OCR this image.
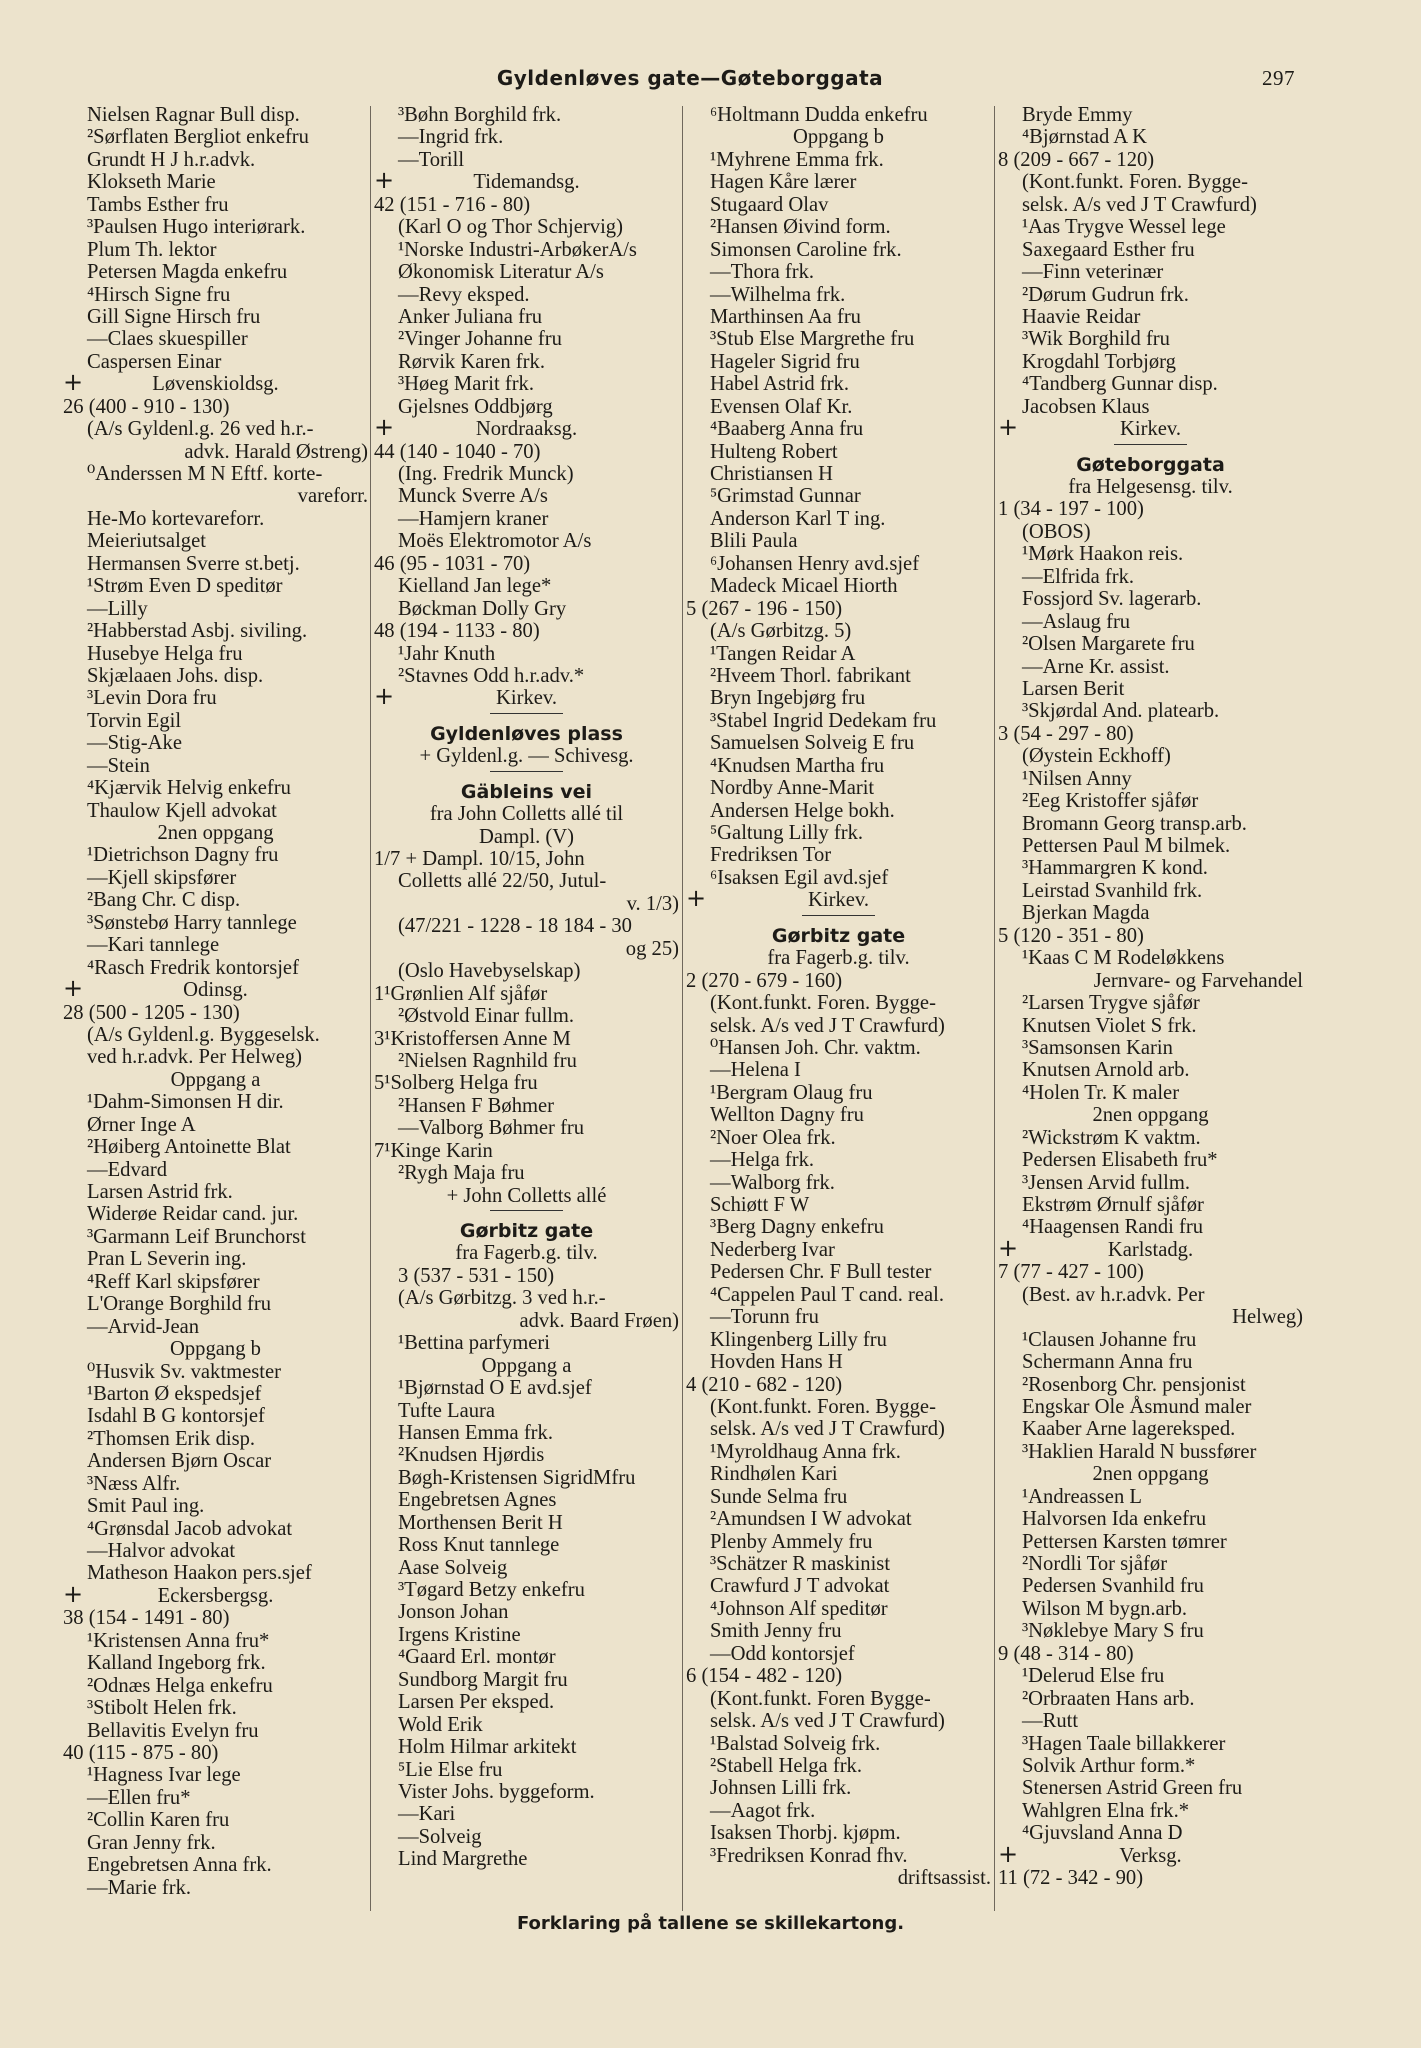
Gyldenløves gate—Gøteborggata	297
Nielsen Ragnar Bull disp.
²Sørflaten Bergliot enkefru
Grundt H J h.r.advk.
Klokseth Marie
Tambs Esther fru
³Paulsen Hugo interiørark.
Plum Th. lektor
Petersen Magda enkefru
⁴Hirsch Signe fru
Gill Signe Hirsch fru
—Claes skuespiller
Caspersen Einar
Løvenskioldsg.
+
26 (400 - 910 - 130)
(A/s Gyldenl.g. 26 ved h.r.-
advk. Harald Østreng)
⁰Anderssen M N Eftf. korte-
vareforr.
He-Mo kortevareforr.
Meieriutsalget
Hermansen Sverre st.betj.
¹Strøm Even D speditør
—Lilly
²Habberstad Asbj. siviling.
Husebye Helga fru
Skjælaaen Johs. disp.
³Levin Dora fru
Torvin Egil
—Stig-Ake
—Stein
⁴Kjærvik Helvig enkefru
Thaulow Kjell advokat
2nen oppgang
¹Dietrichson Dagny fru
—Kjell skipsfører
²Bang Chr. C disp.
³Sønstebø Harry tannlege
—Kari tannlege
⁴Rasch Fredrik kontorsjef
Odinsg.
+
28 (500 - 1205 - 130)
(A/s Gyldenl.g. Byggeselsk.
ved h.r.advk. Per Helweg)
Oppgang a
¹Dahm-Simonsen H dir.
Ørner Inge A
²Høiberg Antoinette Blat
—Edvard
Larsen Astrid frk.
Widerøe Reidar cand. jur.
³Garmann Leif Brunchorst
Pran L Severin ing.
⁴Reff Karl skipsfører
L'Orange Borghild fru
—Arvid-Jean
Oppgang b
⁰Husvik Sv. vaktmester
¹Barton Ø ekspedsjef
Isdahl B G kontorsjef
²Thomsen Erik disp.
Andersen Bjørn Oscar
³Næss Alfr.
Smit Paul ing.
⁴Grønsdal Jacob advokat
—Halvor advokat
Matheson Haakon pers.sjef
Eckersbergsg.
+
38 (154 - 1491 - 80)
¹Kristensen Anna fru*
Kalland Ingeborg frk.
²Odnæs Helga enkefru
³Stibolt Helen frk.
Bellavitis Evelyn fru
40 (115 - 875 - 80)
¹Hagness Ivar lege
—Ellen fru*
²Collin Karen fru
Gran Jenny frk.
Engebretsen Anna frk.
—Marie frk.
³Bøhn Borghild frk.
—Ingrid frk.
—Torill
Tidemandsg.
+
42 (151 - 716 - 80)
(Karl O og Thor Schjervig)
¹Norske Industri-ArbøkerA/s
Økonomisk Literatur A/s
—Revy eksped.
Anker Juliana fru
²Vinger Johanne fru
Rørvik Karen frk.
³Høeg Marit frk.
Gjelsnes Oddbjørg
Nordraaksg.
+
44 (140 - 1040 - 70)
(Ing. Fredrik Munck)
Munck Sverre A/s
—Hamjern kraner
Moës Elektromotor A/s
46 (95 - 1031 - 70)
Kielland Jan lege*
Bøckman Dolly Gry
48 (194 - 1133 - 80)
¹Jahr Knuth
²Stavnes Odd h.r.adv.*
Kirkev.
+
Gyldenløves plass
+ Gyldenl.g. — Schivesg.
Gäbleins vei
fra John Colletts allé til
Dampl. (V)
1/7 + Dampl. 10/15, John
Colletts allé 22/50, Jutul-
v. 1/3)
(47/221 - 1228 - 18 184 - 30
og 25)
(Oslo Havebyselskap)
1¹Grønlien Alf sjåfør
²Østvold Einar fullm.
3¹Kristoffersen Anne M
²Nielsen Ragnhild fru
5¹Solberg Helga fru
²Hansen F Bøhmer
—Valborg Bøhmer fru
7¹Kinge Karin
²Rygh Maja fru
+ John Colletts allé
Gørbitz gate
fra Fagerb.g. tilv.
3 (537 - 531 - 150)
(A/s Gørbitzg. 3 ved h.r.-
advk. Baard Frøen)
¹Bettina parfymeri
Oppgang a
¹Bjørnstad O E avd.sjef
Tufte Laura
Hansen Emma frk.
²Knudsen Hjørdis
Bøgh-Kristensen SigridMfru
Engebretsen Agnes
Morthensen Berit H
Ross Knut tannlege
Aase Solveig
³Tøgard Betzy enkefru
Jonson Johan
Irgens Kristine
⁴Gaard Erl. montør
Sundborg Margit fru
Larsen Per eksped.
Wold Erik
Holm Hilmar arkitekt
⁵Lie Else fru
Vister Johs. byggeform.
—Kari
—Solveig
Lind Margrethe
⁶Holtmann Dudda enkefru
Oppgang b
¹Myhrene Emma frk.
Hagen Kåre lærer
Stugaard Olav
²Hansen Øivind form.
Simonsen Caroline frk.
—Thora frk.
—Wilhelma frk.
Marthinsen Aa fru
³Stub Else Margrethe fru
Hageler Sigrid fru
Habel Astrid frk.
Evensen Olaf Kr.
⁴Baaberg Anna fru
Hulteng Robert
Christiansen H
⁵Grimstad Gunnar
Anderson Karl T ing.
Blili Paula
⁶Johansen Henry avd.sjef
Madeck Micael Hiorth
5 (267 - 196 - 150)
(A/s Gørbitzg. 5)
¹Tangen Reidar A
²Hveem Thorl. fabrikant
Bryn Ingebjørg fru
³Stabel Ingrid Dedekam fru
Samuelsen Solveig E fru
⁴Knudsen Martha fru
Nordby Anne-Marit
Andersen Helge bokh.
⁵Galtung Lilly frk.
Fredriksen Tor
⁶Isaksen Egil avd.sjef
Kirkev.
+
Gørbitz gate
fra Fagerb.g. tilv.
2 (270 - 679 - 160)
(Kont.funkt. Foren. Bygge-
selsk. A/s ved J T Crawfurd)
⁰Hansen Joh. Chr. vaktm.
—Helena I
¹Bergram Olaug fru
Wellton Dagny fru
²Noer Olea frk.
—Helga frk.
—Walborg frk.
Schiøtt F W
³Berg Dagny enkefru
Nederberg Ivar
Pedersen Chr. F Bull tester
⁴Cappelen Paul T cand. real.
—Torunn fru
Klingenberg Lilly fru
Hovden Hans H
4 (210 - 682 - 120)
(Kont.funkt. Foren. Bygge-
selsk. A/s ved J T Crawfurd)
¹Myroldhaug Anna frk.
Rindhølen Kari
Sunde Selma fru
²Amundsen I W advokat
Plenby Ammely fru
³Schätzer R maskinist
Crawfurd J T advokat
⁴Johnson Alf speditør
Smith Jenny fru
—Odd kontorsjef
6 (154 - 482 - 120)
(Kont.funkt. Foren Bygge-
selsk. A/s ved J T Crawfurd)
¹Balstad Solveig frk.
²Stabell Helga frk.
Johnsen Lilli frk.
—Aagot frk.
Isaksen Thorbj. kjøpm.
³Fredriksen Konrad fhv.
driftsassist.
Bryde Emmy
⁴Bjørnstad A K
8 (209 - 667 - 120)
(Kont.funkt. Foren. Bygge-
selsk. A/s ved J T Crawfurd)
¹Aas Trygve Wessel lege
Saxegaard Esther fru
—Finn veterinær
²Dørum Gudrun frk.
Haavie Reidar
³Wik Borghild fru
Krogdahl Torbjørg
⁴Tandberg Gunnar disp.
Jacobsen Klaus
Kirkev.
+
Gøteborggata
fra Helgesensg. tilv.
1 (34 - 197 - 100)
(OBOS)
¹Mørk Haakon reis.
—Elfrida frk.
Fossjord Sv. lagerarb.
—Aslaug fru
²Olsen Margarete fru
—Arne Kr. assist.
Larsen Berit
³Skjørdal And. platearb.
3 (54 - 297 - 80)
(Øystein Eckhoff)
¹Nilsen Anny
²Eeg Kristoffer sjåfør
Bromann Georg transp.arb.
Pettersen Paul M bilmek.
³Hammargren K kond.
Leirstad Svanhild frk.
Bjerkan Magda
5 (120 - 351 - 80)
¹Kaas C M Rodeløkkens
Jernvare- og Farvehandel
²Larsen Trygve sjåfør
Knutsen Violet S frk.
³Samsonsen Karin
Knutsen Arnold arb.
⁴Holen Tr. K maler
2nen oppgang
²Wickstrøm K vaktm.
Pedersen Elisabeth fru*
³Jensen Arvid fullm.
Ekstrøm Ørnulf sjåfør
⁴Haagensen Randi fru
Karlstadg.
+
7 (77 - 427 - 100)
(Best. av h.r.advk. Per
Helweg)
¹Clausen Johanne fru
Schermann Anna fru
²Rosenborg Chr. pensjonist
Engskar Ole Åsmund maler
Kaaber Arne lagereksped.
³Haklien Harald N bussfører
2nen oppgang
¹Andreassen L
Halvorsen Ida enkefru
Pettersen Karsten tømrer
²Nordli Tor sjåfør
Pedersen Svanhild fru
Wilson M bygn.arb.
³Nøklebye Mary S fru
9 (48 - 314 - 80)
¹Delerud Else fru
²Orbraaten Hans arb.
—Rutt
³Hagen Taale billakkerer
Solvik Arthur form.*
Stenersen Astrid Green fru
Wahlgren Elna frk.*
⁴Gjuvsland Anna D
Verksg.
+
11 (72 - 342 - 90)
Forklaring på tallene se skillekartong.
